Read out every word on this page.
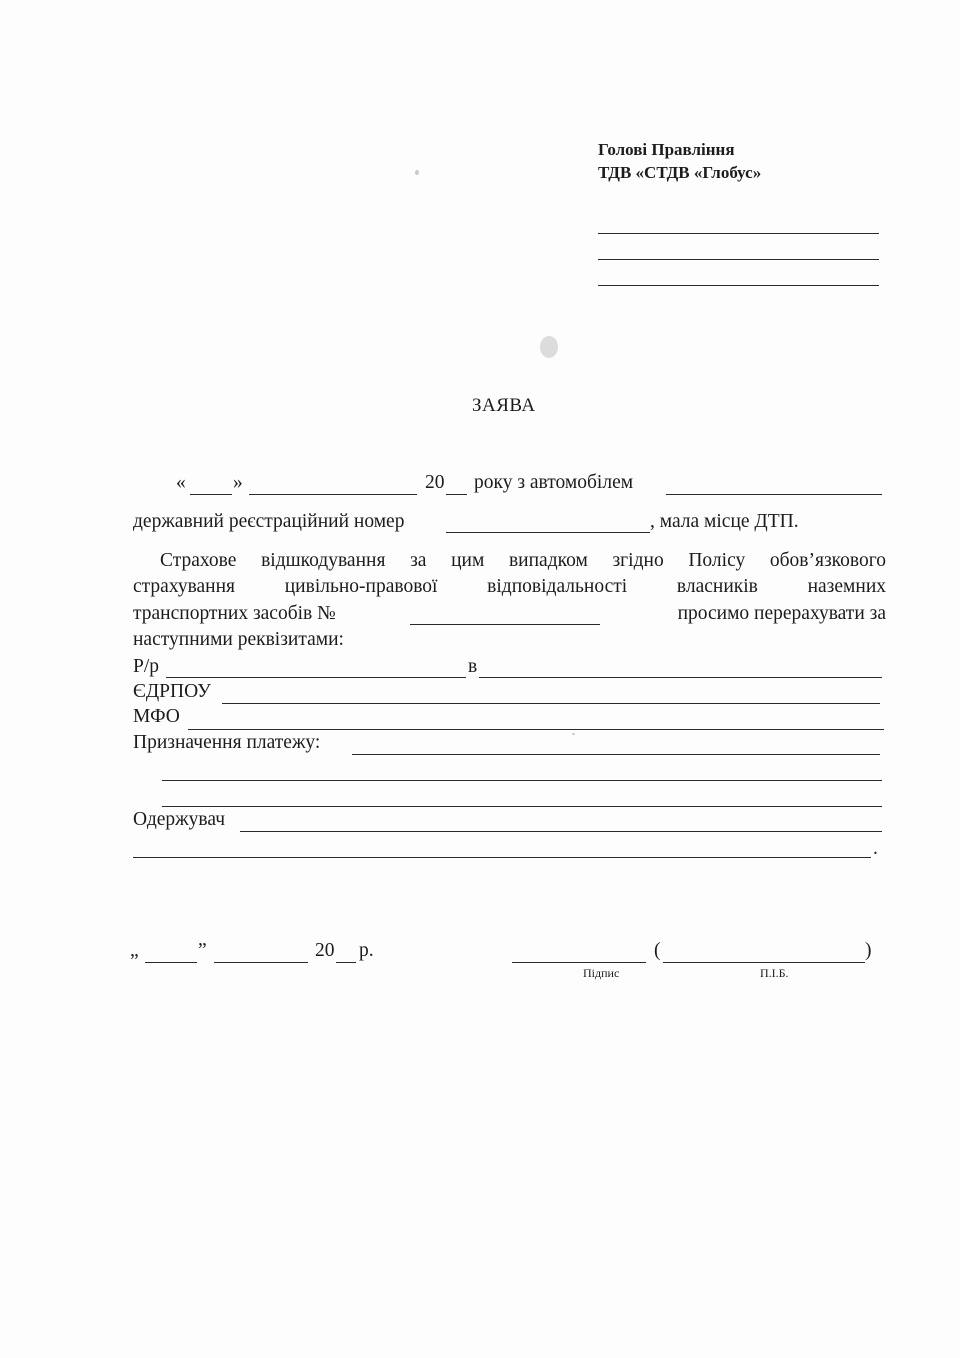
Голові Правління
ТДВ «СТДВ «Глобус»
ЗАЯВА
« »	20 року з автомобілем
державний реєстраційний номер	, мала місце ДТП.
Страхове відшкодування за цим випадком згідно Полісу обов’язкового
страхування цивільно-правової відповідальності власників наземних
транспортних засобів №	просимо перерахувати за
наступними реквізитами:
Р/р	в
ЄДРПОУ
МФО
Призначення платежу:
Одержувач
.
„	”	20 р.	(	)
Підпис	П.І.Б.
